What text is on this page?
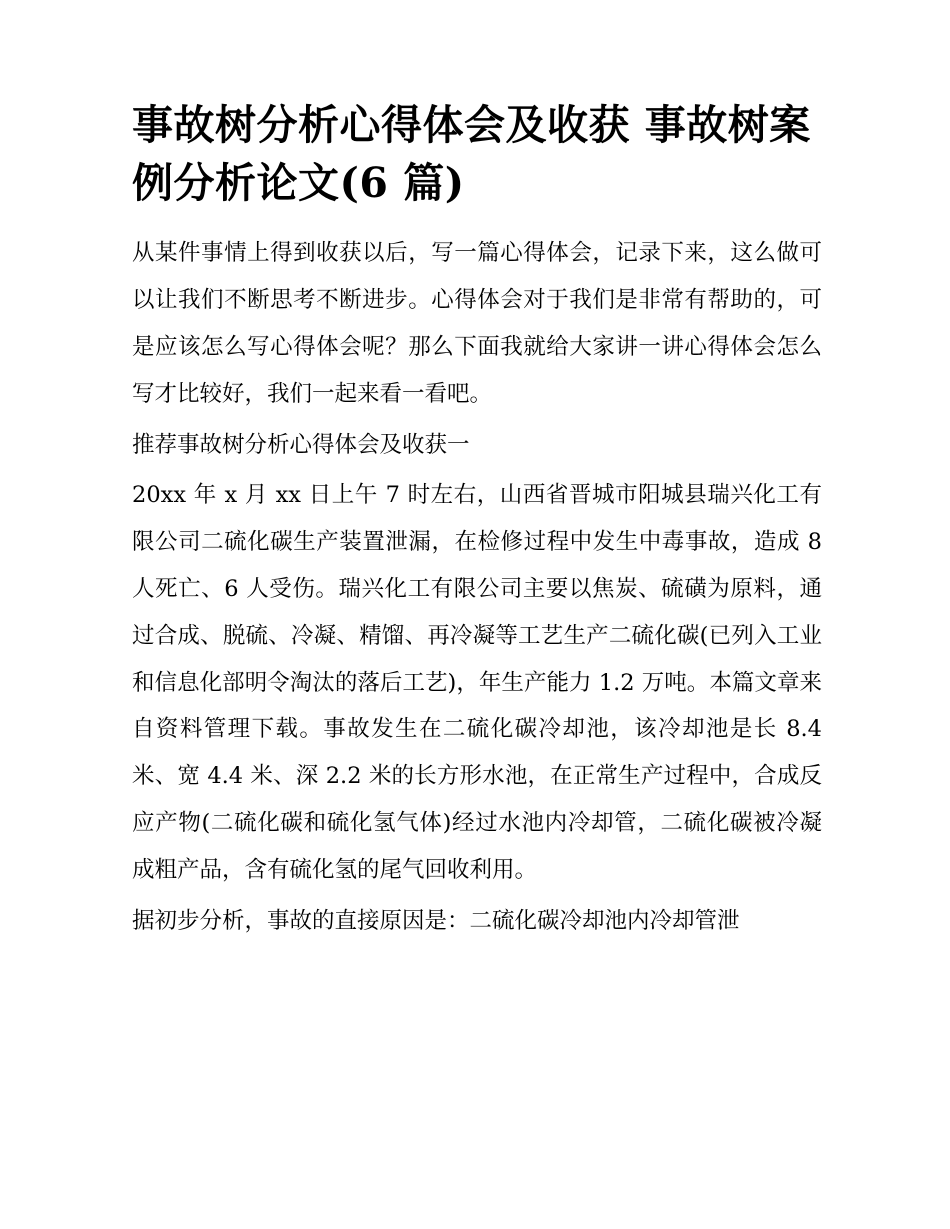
事故树分析心得体会及收获 事故树案例分析论文(6 篇)

从某件事情上得到收获以后，写一篇心得体会，记录下来，这么做可以让我们不断思考不断进步。心得体会对于我们是非常有帮助的，可是应该怎么写心得体会呢？那么下面我就给大家讲一讲心得体会怎么写才比较好，我们一起来看一看吧。

推荐事故树分析心得体会及收获一

20xx 年 x 月 xx 日上午 7 时左右，山西省晋城市阳城县瑞兴化工有限公司二硫化碳生产装置泄漏，在检修过程中发生中毒事故，造成 8 人死亡、6 人受伤。瑞兴化工有限公司主要以焦炭、硫磺为原料，通过合成、脱硫、冷凝、精馏、再冷凝等工艺生产二硫化碳(已列入工业和信息化部明令淘汰的落后工艺)，年生产能力 1.2 万吨。本篇文章来自资料管理下载。事故发生在二硫化碳冷却池，该冷却池是长 8.4 米、宽 4.4 米、深 2.2 米的长方形水池，在正常生产过程中，合成反应产物(二硫化碳和硫化氢气体)经过水池内冷却管，二硫化碳被冷凝成粗产品，含有硫化氢的尾气回收利用。

据初步分析，事故的直接原因是：二硫化碳冷却池内冷却管泄
